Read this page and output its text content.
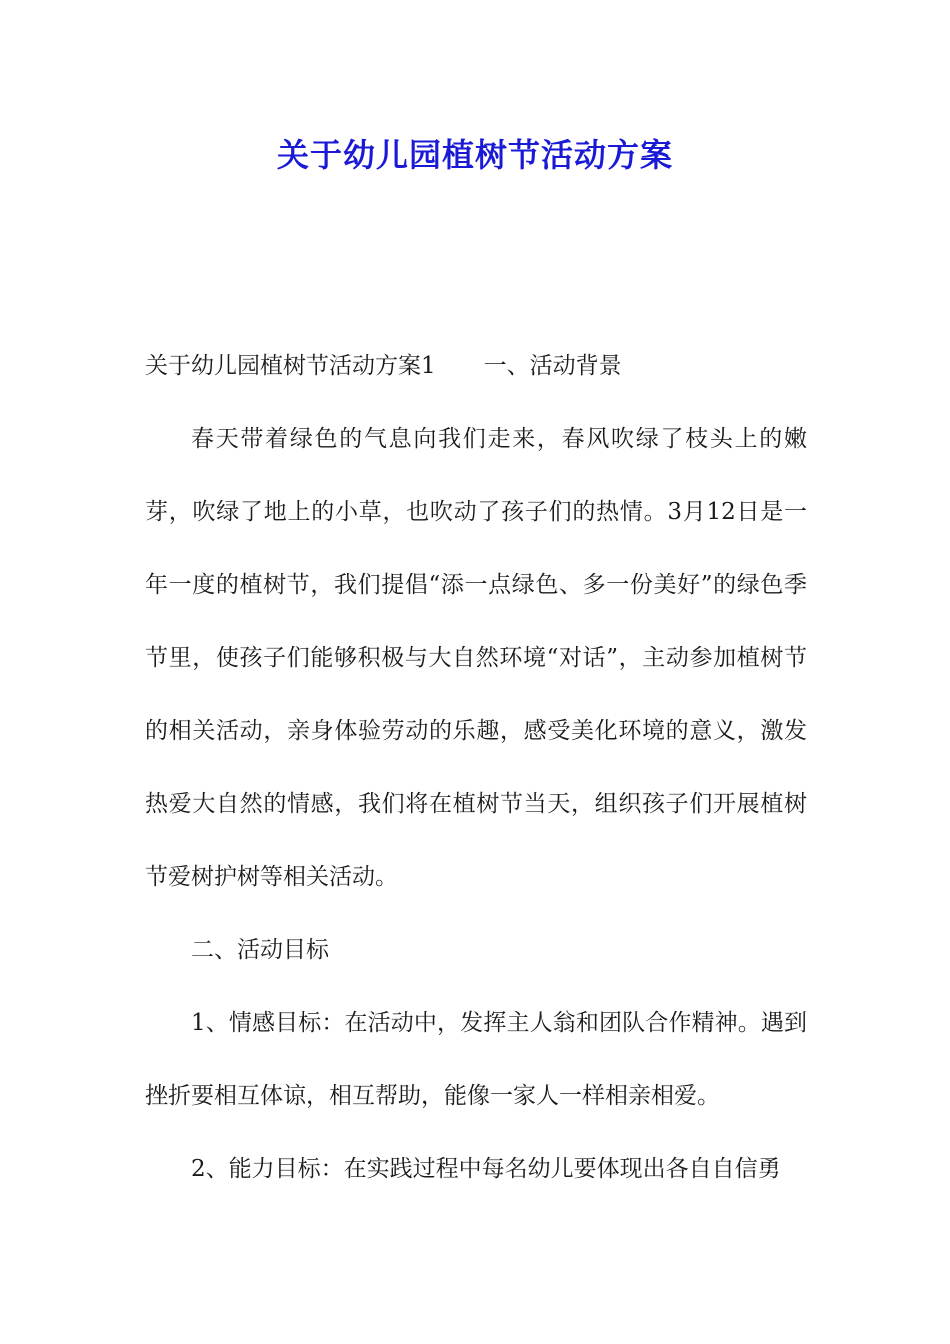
关于幼儿园植树节活动方案

关于幼儿园植树节活动方案1 一、活动背景

春天带着绿色的气息向我们走来，春风吹绿了枝头上的嫩芽，吹绿了地上的小草，也吹动了孩子们的热情。3月12日是一年一度的植树节，我们提倡“添一点绿色、多一份美好”的绿色季节里，使孩子们能够积极与大自然环境“对话”，主动参加植树节的相关活动，亲身体验劳动的乐趣，感受美化环境的意义，激发热爱大自然的情感，我们将在植树节当天，组织孩子们开展植树节爱树护树等相关活动。

二、活动目标

1、情感目标：在活动中，发挥主人翁和团队合作精神。遇到挫折要相互体谅，相互帮助，能像一家人一样相亲相爱。

2、能力目标：在实践过程中每名幼儿要体现出各自自信勇
